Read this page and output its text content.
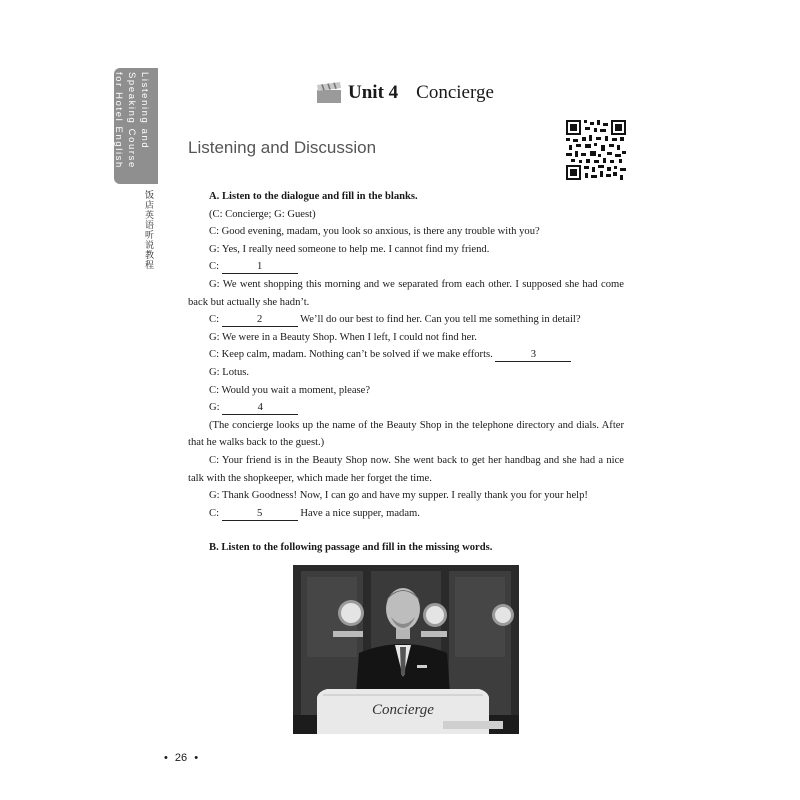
Listening and Speaking Course for Hotel English
饭店英语听说教程
Unit 4 Concierge
Listening and Discussion

A. Listen to the dialogue and fill in the blanks.

(C: Concierge; G: Guest)

C: Good evening, madam, you look so anxious, is there any trouble with you?

G: Yes, I really need someone to help me. I cannot find my friend.

C:	1

G: We went shopping this morning and we separated from each other. I supposed she had come back but actually she hadn’t.

C:	2	We’ll do our best to find her. Can you tell me something in detail?

G: We were in a Beauty Shop. When I left, I could not find her.

C: Keep calm, madam. Nothing can’t be solved if we make efforts.	3

G: Lotus.

C: Would you wait a moment, please?

G:	4

(The concierge looks up the name of the Beauty Shop in the telephone directory and dials. After that he walks back to the guest.)

C: Your friend is in the Beauty Shop now. She went back to get her handbag and she had a nice talk with the shopkeeper, which made her forget the time.

G: Thank Goodness! Now, I can go and have my supper. I really thank you for your help!

C:	5	Have a nice supper, madam.

B. Listen to the following passage and fill in the missing words.

Concierge
• 26 •
